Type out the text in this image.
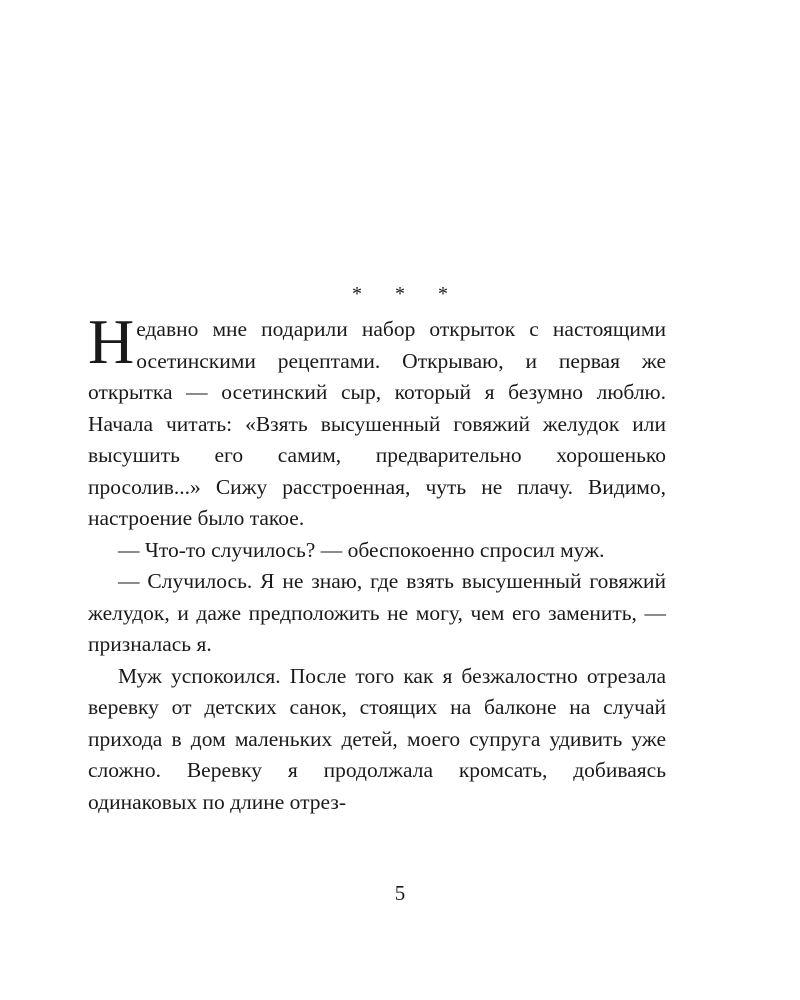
* * *

Недавно мне подарили набор открыток с настоящими осетинскими рецептами. Открываю, и первая же открытка — осетинский сыр, который я безумно люблю. Начала читать: «Взять высушенный говяжий желудок или высушить его самим, предварительно хорошенько просолив...» Сижу расстроенная, чуть не плачу. Видимо, настроение было такое.

— Что-то случилось? — обеспокоенно спросил муж.

— Случилось. Я не знаю, где взять высушенный говяжий желудок, и даже предположить не могу, чем его заменить, — призналась я.

Муж успокоился. После того как я безжалостно отрезала веревку от детских санок, стоящих на балконе на случай прихода в дом маленьких детей, моего супруга удивить уже сложно. Веревку я продолжала кромсать, добиваясь одинаковых по длине отрез-

5
